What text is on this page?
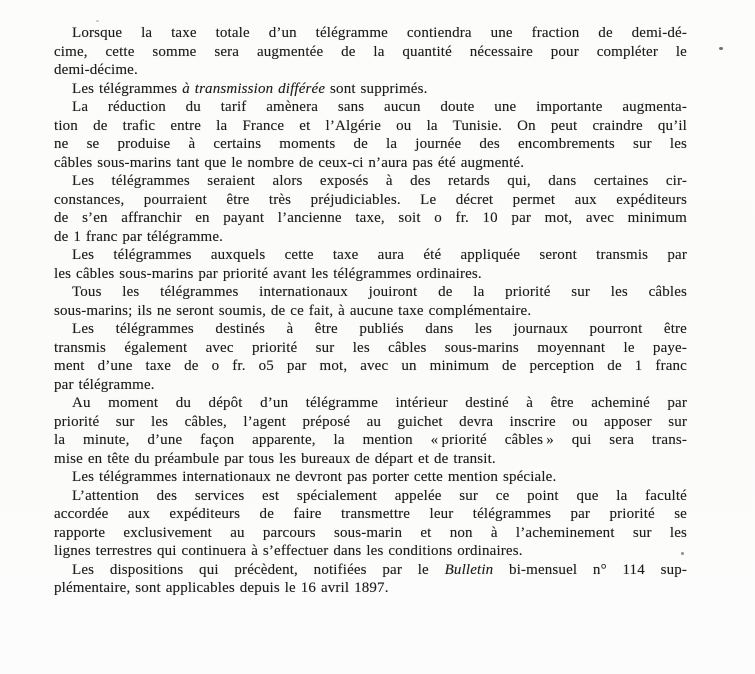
Lorsque la taxe totale d’un télégramme contiendra une fraction de demi-dé-
cime, cette somme sera augmentée de la quantité nécessaire pour compléter le
demi-décime.
Les télégrammes à transmission différée sont supprimés.
La réduction du tarif amènera sans aucun doute une importante augmenta-
tion de trafic entre la France et l’Algérie ou la Tunisie. On peut craindre qu’il
ne se produise à certains moments de la journée des encombrements sur les
câbles sous-marins tant que le nombre de ceux-ci n’aura pas été augmenté.
Les télégrammes seraient alors exposés à des retards qui, dans certaines cir-
constances, pourraient être très préjudiciables. Le décret permet aux expéditeurs
de s’en affranchir en payant l’ancienne taxe, soit o fr. 10 par mot, avec minimum
de 1 franc par télégramme.
Les télégrammes auxquels cette taxe aura été appliquée seront transmis par
les câbles sous-marins par priorité avant les télégrammes ordinaires.
Tous les télégrammes internationaux jouiront de la priorité sur les câbles
sous-marins; ils ne seront soumis, de ce fait, à aucune taxe complémentaire.
Les télégrammes destinés à être publiés dans les journaux pourront être
transmis également avec priorité sur les câbles sous-marins moyennant le paye-
ment d’une taxe de o fr. o5 par mot, avec un minimum de perception de 1 franc
par télégramme.
Au moment du dépôt d’un télégramme intérieur destiné à être acheminé par
priorité sur les câbles, l’agent préposé au guichet devra inscrire ou apposer sur
la minute, d’une façon apparente, la mention « priorité câbles » qui sera trans-
mise en tête du préambule par tous les bureaux de départ et de transit.
Les télégrammes internationaux ne devront pas porter cette mention spéciale.
L’attention des services est spécialement appelée sur ce point que la faculté
accordée aux expéditeurs de faire transmettre leur télégrammes par priorité se
rapporte exclusivement au parcours sous-marin et non à l’acheminement sur les
lignes terrestres qui continuera à s’effectuer dans les conditions ordinaires.
Les dispositions qui précèdent, notifiées par le Bulletin bi-mensuel n° 114 sup-
plémentaire, sont applicables depuis le 16 avril 1897.
